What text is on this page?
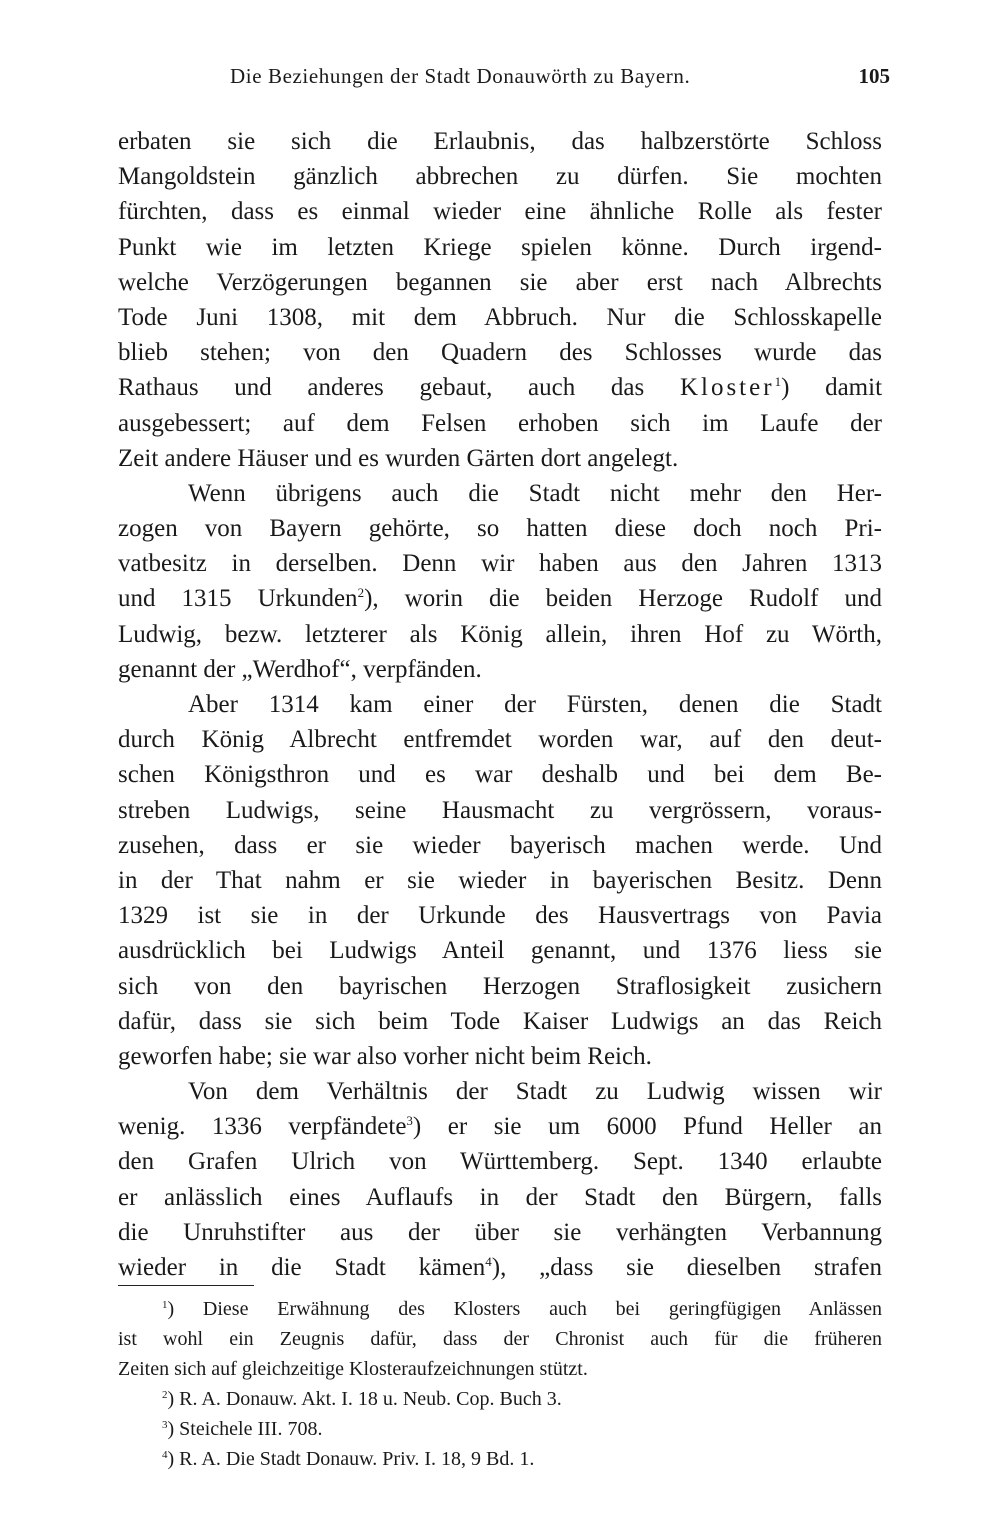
Die Beziehungen der Stadt Donauwörth zu Bayern.	105
erbaten sie sich die Erlaubnis, das halbzerstörte Schloss
Mangoldstein gänzlich abbrechen zu dürfen. Sie mochten
fürchten, dass es einmal wieder eine ähnliche Rolle als fester
Punkt wie im letzten Kriege spielen könne. Durch irgend-
welche Verzögerungen begannen sie aber erst nach Albrechts
Tode Juni 1308, mit dem Abbruch. Nur die Schlosskapelle
blieb stehen; von den Quadern des Schlosses wurde das
Rathaus und anderes gebaut, auch das Kloster$^1$) damit
ausgebessert; auf dem Felsen erhoben sich im Laufe der
Zeit andere Häuser und es wurden Gärten dort angelegt.
Wenn übrigens auch die Stadt nicht mehr den Her-
zogen von Bayern gehörte, so hatten diese doch noch Pri-
vatbesitz in derselben. Denn wir haben aus den Jahren 1313
und 1315 Urkunden$^2$), worin die beiden Herzoge Rudolf und
Ludwig, bezw. letzterer als König allein, ihren Hof zu Wörth,
genannt der „Werdhof“, verpfänden.
Aber 1314 kam einer der Fürsten, denen die Stadt
durch König Albrecht entfremdet worden war, auf den deut-
schen Königsthron und es war deshalb und bei dem Be-
streben Ludwigs, seine Hausmacht zu vergrössern, voraus-
zusehen, dass er sie wieder bayerisch machen werde. Und
in der That nahm er sie wieder in bayerischen Besitz. Denn
1329 ist sie in der Urkunde des Hausvertrags von Pavia
ausdrücklich bei Ludwigs Anteil genannt, und 1376 liess sie
sich von den bayrischen Herzogen Straflosigkeit zusichern
dafür, dass sie sich beim Tode Kaiser Ludwigs an das Reich
geworfen habe; sie war also vorher nicht beim Reich.
Von dem Verhältnis der Stadt zu Ludwig wissen wir
wenig. 1336 verpfändete$^3$) er sie um 6000 Pfund Heller an
den Grafen Ulrich von Württemberg. Sept. 1340 erlaubte
er anlässlich eines Auflaufs in der Stadt den Bürgern, falls
die Unruhstifter aus der über sie verhängten Verbannung
wieder in die Stadt kämen$^4$), „dass sie dieselben strafen
$^1$) Diese Erwähnung des Klosters auch bei geringfügigen Anlässen
ist wohl ein Zeugnis dafür, dass der Chronist auch für die früheren
Zeiten sich auf gleichzeitige Klosteraufzeichnungen stützt.
$^2$) R. A. Donauw. Akt. I. 18 u. Neub. Cop. Buch 3.
$^3$) Steichele III. 708.
$^4$) R. A. Die Stadt Donauw. Priv. I. 18, 9 Bd. 1.
